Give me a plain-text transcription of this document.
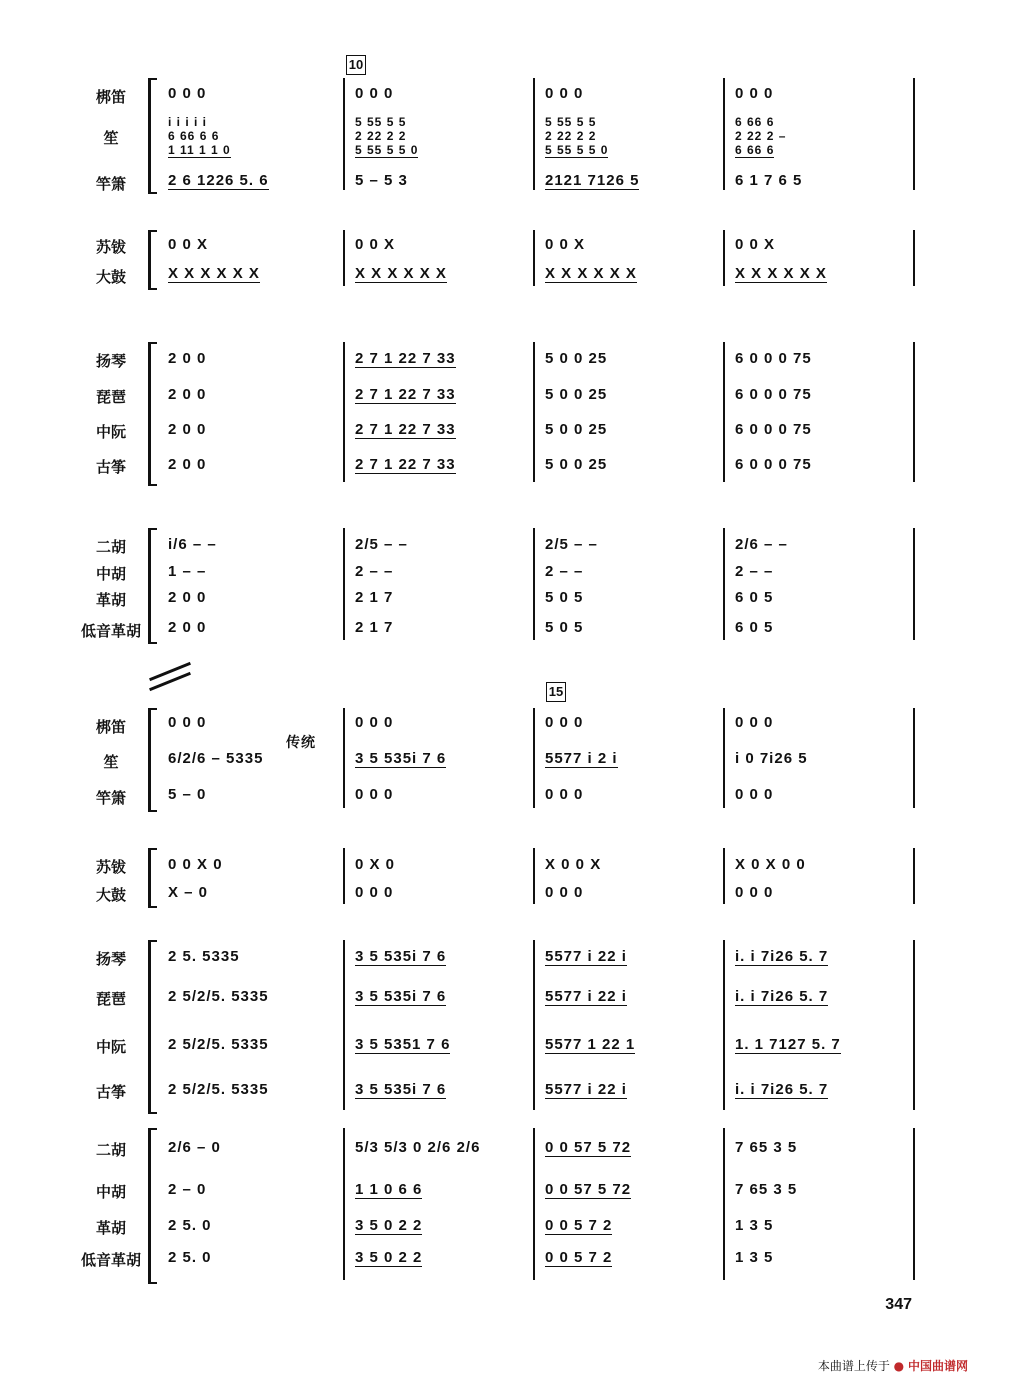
10
梆笛
笙
竿箫
苏钹
大鼓
扬琴
琵琶
中阮
古筝
二胡
中胡
革胡
低音革胡
0 0 0	0 0 0	0 0 0	0 0 0
i i i i i	5 55 5 5	5 55 5 5	6 66 6
6 66 6 6	2 22 2 2	2 22 2 2	2 22 2 –
1 11 1 1 0	5 55 5 5 0	5 55 5 5 0	6 66 6
2 6 1226 5. 6	5 – 5 3	2121 7126 5	6 1 7 6 5
0 0 X	0 0 X	0 0 X	0 0 X
X X X X X X	X X X X X X	X X X X X X	X X X X X X
2 0 0	2 7 1 22 7 33	5 0 0 25	6 0 0 0 75
2 0 0	2 7 1 22 7 33	5 0 0 25	6 0 0 0 75
2 0 0	2 7 1 22 7 33	5 0 0 25	6 0 0 0 75
2 0 0	2 7 1 22 7 33	5 0 0 25	6 0 0 0 75
i/6 – –	2/5 – –	2/5 – –	2/6 – –
1 – –	2 – –	2 – –	2 – –
2 0 0	2 1 7	5 0 5	6 0 5
2 0 0	2 1 7	5 0 5	6 0 5
15
梆笛
笙
竿箫
苏钹
大鼓
扬琴
琵琶
中阮
古筝
二胡
中胡
革胡
低音革胡
传统
0 0 0	0 0 0	0 0 0	0 0 0
6/2/6 – 5335	3 5 535i 7 6	5577 i 2 i	i 0 7i26 5
5 – 0	0 0 0	0 0 0	0 0 0
0 0 X 0	0 X 0	X 0 0 X	X 0 X 0 0
X – 0	0 0 0	0 0 0	0 0 0
2 5. 5335	3 5 535i 7 6	5577 i 22 i	i. i 7i26 5. 7
2 5/2/5. 5335	3 5 535i 7 6	5577 i 22 i	i. i 7i26 5. 7
2 5/2/5. 5335	3 5 5351 7 6	5577 1 22 1	1. 1 7127 5. 7
2 5/2/5. 5335	3 5 535i 7 6	5577 i 22 i	i. i 7i26 5. 7
2/6 – 0	5/3 5/3 0 2/6 2/6	0 0 57 5 72	7 65 3 5
2 – 0	1 1 0 6 6	0 0 57 5 72	7 65 3 5
2 5. 0	3 5 0 2 2	0 0 5 7 2	1 3 5
2 5. 0	3 5 0 2 2	0 0 5 7 2	1 3 5
347
本曲谱上传于 ● 中国曲谱网
